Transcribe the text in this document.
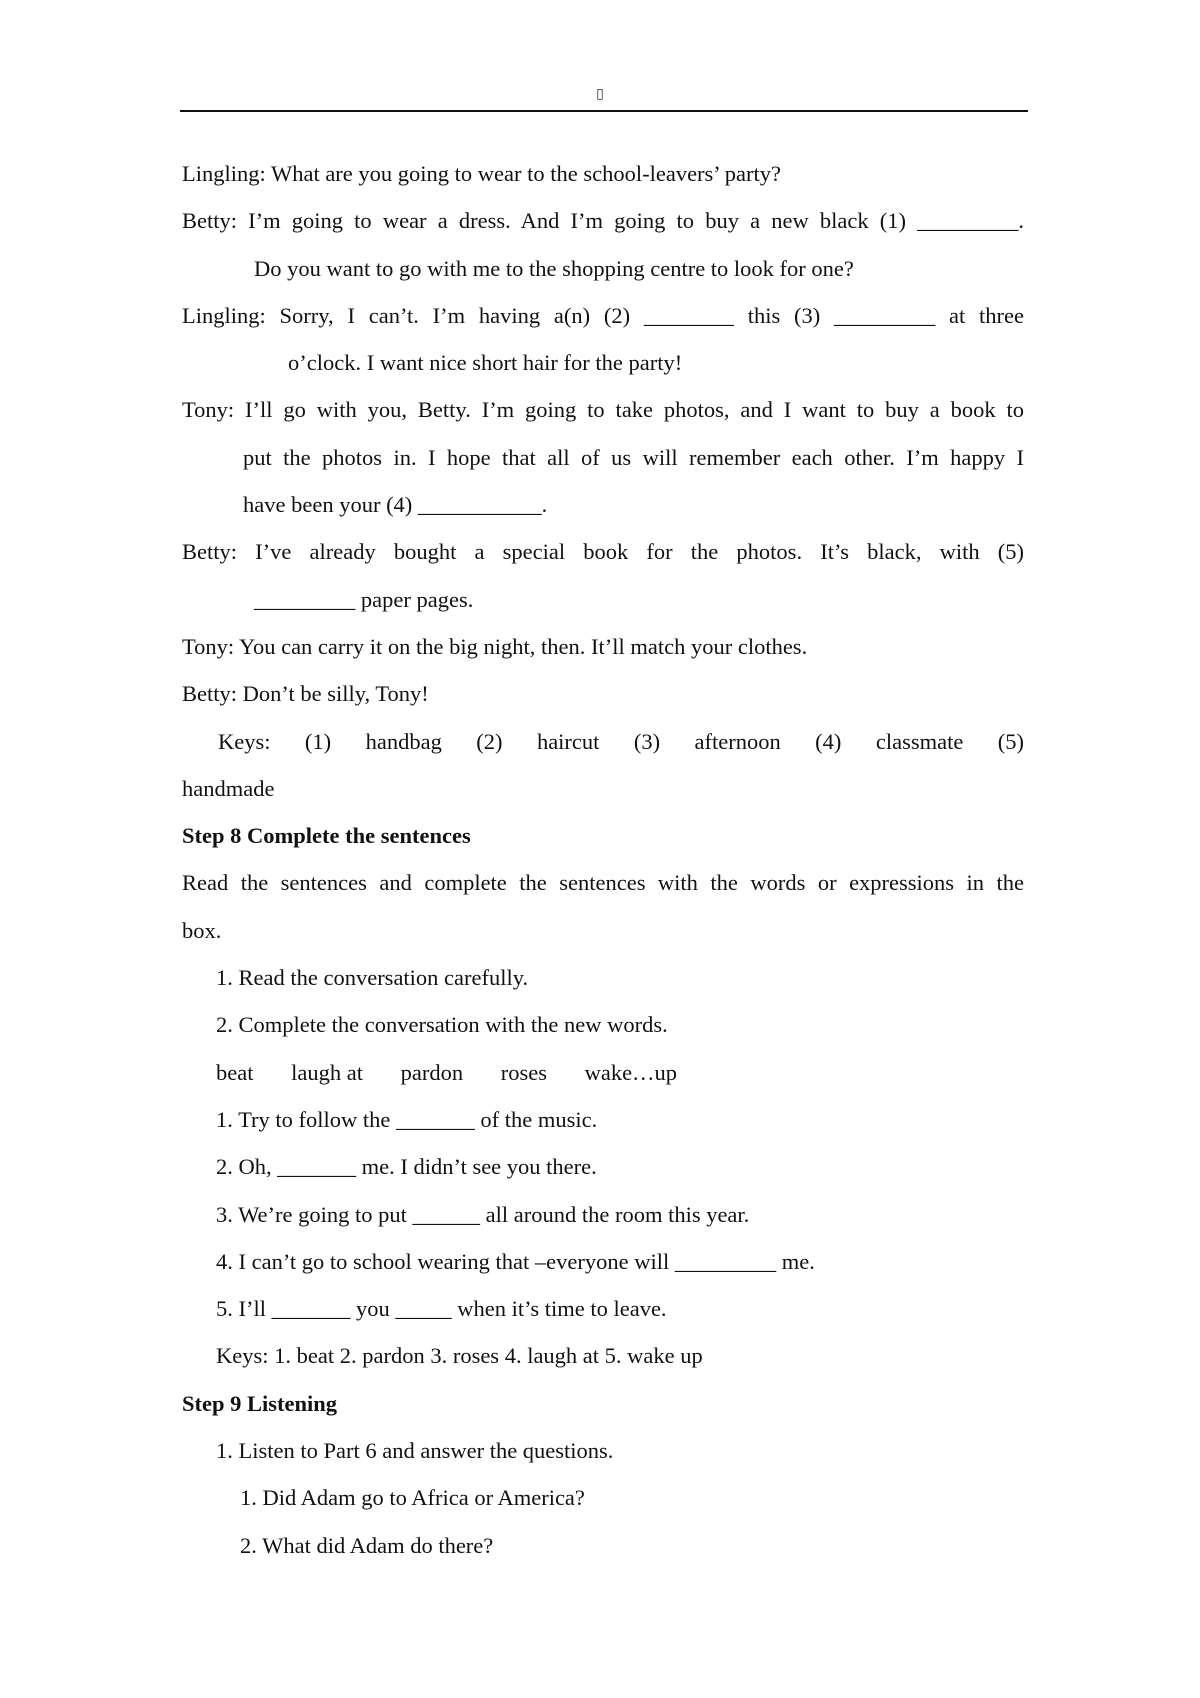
▯
Lingling: What are you going to wear to the school-leavers’ party?
Betty: I’m going to wear a dress. And I’m going to buy a new black (1) _________.
Do you want to go with me to the shopping centre to look for one?
Lingling: Sorry, I can’t. I’m having a(n) (2) ________ this (3) _________ at three
o’clock. I want nice short hair for the party!
Tony: I’ll go with you, Betty. I’m going to take photos, and I want to buy a book to
put the photos in. I hope that all of us will remember each other. I’m happy I
have been your (4) ___________.
Betty: I’ve already bought a special book for the photos. It’s black, with (5)
_________ paper pages.
Tony: You can carry it on the big night, then. It’ll match your clothes.
Betty: Don’t be silly, Tony!
Keys: (1) handbag (2) haircut (3) afternoon (4) classmate (5)
handmade
Step 8 Complete the sentences
Read the sentences and complete the sentences with the words or expressions in the
box.
1. Read the conversation carefully.
2. Complete the conversation with the new words.
beat laugh at pardon roses wake…up
1. Try to follow the _______ of the music.
2. Oh, _______ me. I didn’t see you there.
3. We’re going to put ______ all around the room this year.
4. I can’t go to school wearing that –everyone will _________ me.
5. I’ll _______ you _____ when it’s time to leave.
Keys: 1. beat 2. pardon 3. roses 4. laugh at 5. wake up
Step 9 Listening
1. Listen to Part 6 and answer the questions.
1. Did Adam go to Africa or America?
2. What did Adam do there?
